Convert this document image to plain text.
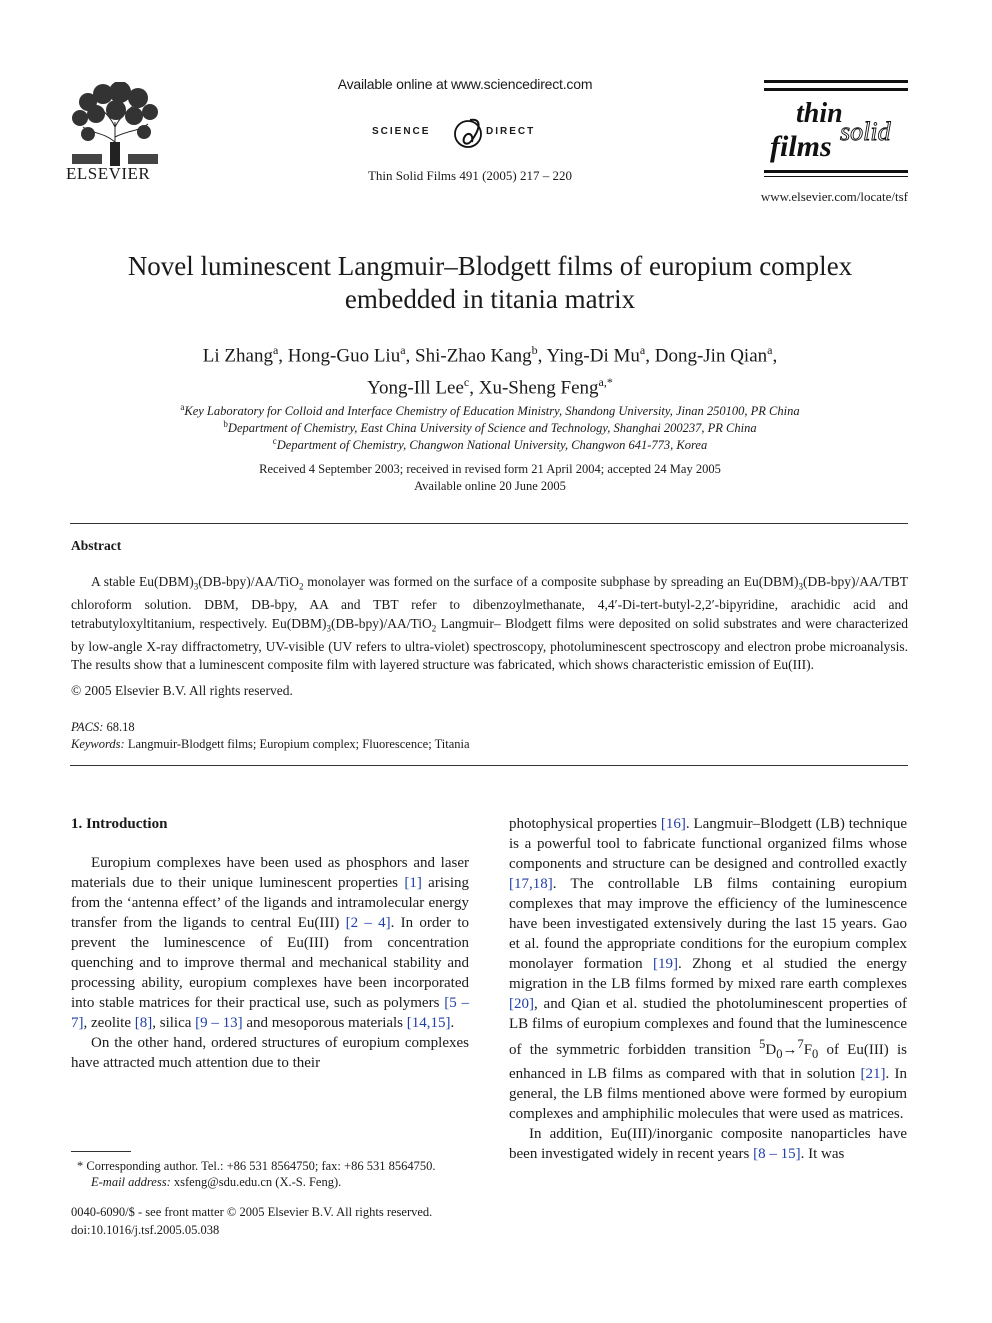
Available online at www.sciencedirect.com
SCIENCE	DIRECT
Thin Solid Films 491 (2005) 217 – 220
ELSEVIER
thin
solid
films
www.elsevier.com/locate/tsf
Novel luminescent Langmuir–Blodgett films of europium complex
embedded in titania matrix
Li Zhang$^a$, Hong-Guo Liu$^a$, Shi-Zhao Kang$^b$, Ying-Di Mu$^a$, Dong-Jin Qian$^a$,
Yong-Ill Lee$^c$, Xu-Sheng Feng$^{a,*}$
$^a$Key Laboratory for Colloid and Interface Chemistry of Education Ministry, Shandong University, Jinan 250100, PR China
$^b$Department of Chemistry, East China University of Science and Technology, Shanghai 200237, PR China
$^c$Department of Chemistry, Changwon National University, Changwon 641-773, Korea
Received 4 September 2003; received in revised form 21 April 2004; accepted 24 May 2005
Available online 20 June 2005
Abstract
A stable $Eu(DBM)_3(DB-bpy)/AA/TiO_2$ monolayer was formed on the surface of a composite subphase by spreading an $Eu(DBM)_3(DB-bpy)/AA$/TBT chloroform solution. DBM, DB-bpy, AA and TBT refer to dibenzoylmethanate, 4,4′-Di-tert-butyl-2,2′-bipyridine, arachidic acid and tetrabutyloxyltitanium, respectively. $Eu(DBM)_3(DB-bpy)/AA/TiO_2$ Langmuir– Blodgett films were deposited on solid substrates and were characterized by low-angle X-ray diffractometry, UV-visible (UV refers to ultra-violet) spectroscopy, photoluminescent spectroscopy and electron probe microanalysis. The results show that a luminescent composite film with layered structure was fabricated, which shows characteristic emission of Eu(III).
© 2005 Elsevier B.V. All rights reserved.
PACS: 68.18
Keywords: Langmuir-Blodgett films; Europium complex; Fluorescence; Titania
1. Introduction

Europium complexes have been used as phosphors and laser materials due to their unique luminescent properties [1] arising from the ‘antenna effect’ of the ligands and intramolecular energy transfer from the ligands to central Eu(III) [2 – 4]. In order to prevent the luminescence of Eu(III) from concentration quenching and to improve thermal and mechanical stability and processing ability, europium complexes have been incorporated into stable matrices for their practical use, such as polymers [5 – 7], zeolite [8], silica [9 – 13] and mesoporous materials [14,15].

On the other hand, ordered structures of europium complexes have attracted much attention due to their

photophysical properties [16]. Langmuir–Blodgett (LB) technique is a powerful tool to fabricate functional organized films whose components and structure can be designed and controlled exactly [17,18]. The controllable LB films containing europium complexes that may improve the efficiency of the luminescence have been investigated extensively during the last 15 years. Gao et al. found the appropriate conditions for the europium complex monolayer formation [19]. Zhong et al studied the energy migration in the LB films formed by mixed rare earth complexes [20], and Qian et al. studied the photoluminescent properties of LB films of europium complexes and found that the luminescence of the symmetric forbidden transition $^5D_0\to^7F_0$ of Eu(III) is enhanced in LB films as compared with that in solution [21]. In general, the LB films mentioned above were formed by europium complexes and amphiphilic molecules that were used as matrices.

In addition, Eu(III)/inorganic composite nanoparticles have been investigated widely in recent years [8 – 15]. It was

* Corresponding author. Tel.: +86 531 8564750; fax: +86 531 8564750.
E-mail address: xsfeng@sdu.edu.cn (X.-S. Feng).
0040-6090/$ - see front matter © 2005 Elsevier B.V. All rights reserved.
doi:10.1016/j.tsf.2005.05.038
